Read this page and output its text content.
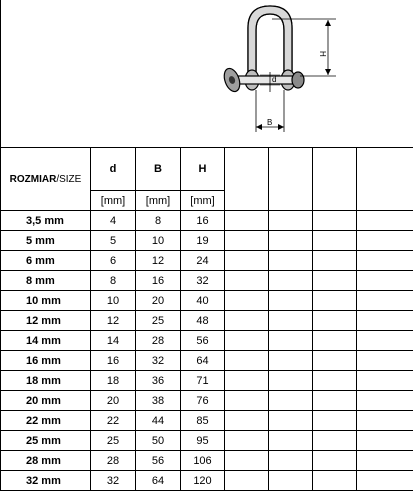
H
d
B
ROZMIAR/SIZE	d	B	H				
	[mm]	[mm]	[mm]				
3,5 mm	4	8	16				
5 mm	5	10	19				
6 mm	6	12	24				
8 mm	8	16	32				
10 mm	10	20	40				
12 mm	12	25	48				
14 mm	14	28	56				
16 mm	16	32	64				
18 mm	18	36	71				
20 mm	20	38	76				
22 mm	22	44	85				
25 mm	25	50	95				
28 mm	28	56	106				
32 mm	32	64	120				
